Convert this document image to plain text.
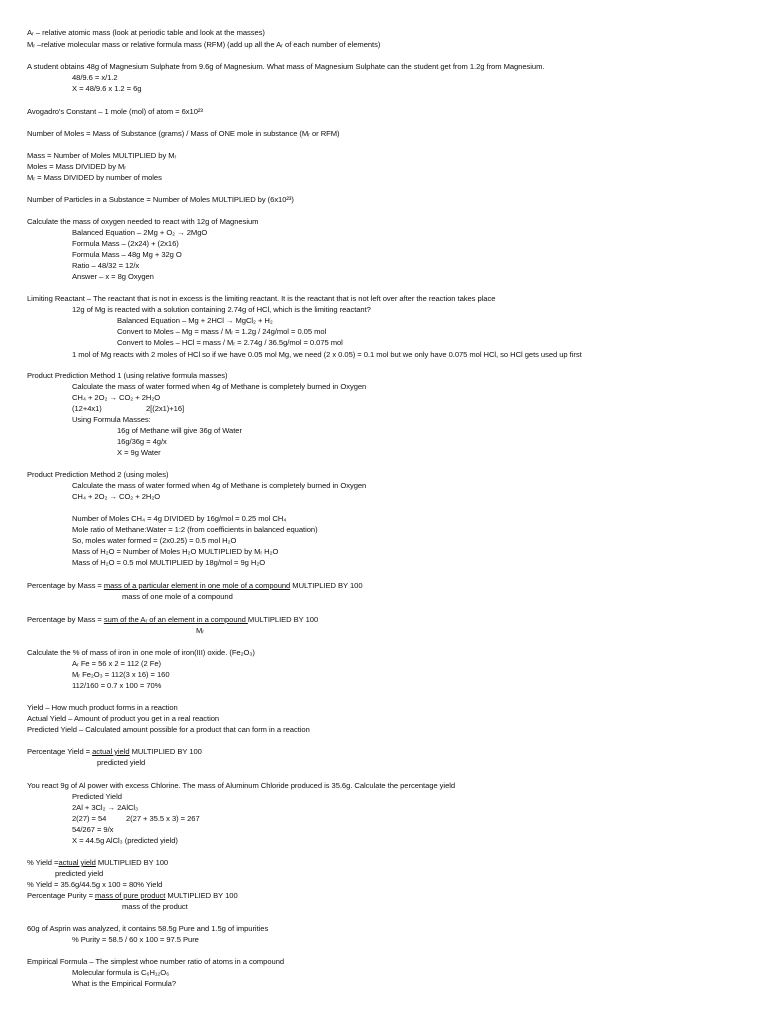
Aᵣ – relative atomic mass (look at periodic table and look at the masses)
Mᵣ –relative molecular mass or relative formula mass (RFM) (add up all the Aᵣ of each number of elements)
A student obtains 48g of Magnesium Sulphate from 9.6g of Magnesium. What mass of Magnesium Sulphate can the student get from 1.2g from Magnesium.
48/9.6 = x/1.2
X = 48/9.6 x 1.2 = 6g
Avogadro's Constant – 1 mole (mol) of atom = 6x10²³
Number of Moles = Mass of Substance (grams) / Mass of ONE mole in substance (Mᵣ or RFM)
Mass = Number of Moles MULTIPLIED by Mᵣ
Moles = Mass DIVIDED by Mᵣ
Mᵣ = Mass DIVIDED by number of moles
Number of Particles in a Substance = Number of Moles MULTIPLIED by (6x10²³)
Calculate the mass of oxygen needed to react with 12g of Magnesium
Balanced Equation – 2Mg + O₂ → 2MgO
Formula Mass – (2x24) + (2x16)
Formula Mass – 48g Mg + 32g O
Ratio – 48/32 = 12/x
Answer – x = 8g Oxygen
Limiting Reactant – The reactant that is not in excess is the limiting reactant. It is the reactant that is not left over after the reaction takes place
12g of Mg is reacted with a solution containing 2.74g of HCl, which is the limiting reactant?
Balanced Equation – Mg + 2HCl → MgCl₂ + H₂
Convert to Moles – Mg = mass / Mᵣ = 1.2g / 24g/mol = 0.05 mol
Convert to Moles – HCl = mass / Mᵣ = 2.74g / 36.5g/mol = 0.075 mol
1 mol of Mg reacts with 2 moles of HCl so if we have 0.05 mol Mg, we need (2 x 0.05) = 0.1 mol but we only have 0.075 mol HCl, so HCl gets used up first
Product Prediction Method 1 (using relative formula masses)
Calculate the mass of water formed when 4g of Methane is completely burned in Oxygen
CH₄ + 2O₂ → CO₂ + 2H₂O
(12+4x1)	2[(2x1)+16]
Using Formula Masses:
16g of Methane will give 36g of Water
16g/36g = 4g/x
X = 9g Water
Product Prediction Method 2 (using moles)
Calculate the mass of water formed when 4g of Methane is completely burned in Oxygen
CH₄ + 2O₂ → CO₂ + 2H₂O
Number of Moles CH₄ = 4g DIVIDED by 16g/mol = 0.25 mol CH₄
Mole ratio of Methane:Water = 1:2 (from coefficients in balanced equation)
So, moles water formed = (2x0.25) = 0.5 mol H₂O
Mass of H₂O = Number of Moles H₂O MULTIPLIED by Mᵣ H₂O
Mass of H₂O = 0.5 mol MULTIPLIED by 18g/mol = 9g H₂O
Percentage by Mass = mass of a particular element in one mole of a compound MULTIPLIED BY 100
mass of one mole of a compound
Percentage by Mass = sum of the Aᵣ of an element in a compound MULTIPLIED BY 100
Mᵣ
Calculate the % of mass of iron in one mole of iron(III) oxide. (Fe₂O₃)
Aᵣ Fe = 56 x 2 = 112 (2 Fe)
Mᵣ Fe₂O₃ = 112(3 x 16) = 160
112/160 = 0.7 x 100 = 70%
Yield – How much product forms in a reaction
Actual Yield – Amount of product you get in a real reaction
Predicted Yield – Calculated amount possible for a product that can form in a reaction
Percentage Yield = actual yield MULTIPLIED BY 100
predicted yield
You react 9g of Al power with excess Chlorine. The mass of Aluminum Chloride produced is 35.6g. Calculate the percentage yield
Predicted Yield
2Al + 3Cl₂ → 2AlCl₃
2(27) = 54	2(27 + 35.5 x 3) = 267
54/267 = 9/x
X = 44.5g AlCl₃ (predicted yield)
% Yield =actual yield MULTIPLIED BY 100
predicted yield
% Yield = 35.6g/44.5g x 100 = 80% Yield
Percentage Purity = mass of pure product MULTIPLIED BY 100
mass of the product
60g of Asprin was analyzed, it contains 58.5g Pure and 1.5g of impurities
% Purity = 58.5 / 60 x 100 = 97.5 Pure
Empirical Formula – The simplest whoe number ratio of atoms in a compound
Molecular formula is C₆H₁₂O₆
What is the Empirical Formula?
